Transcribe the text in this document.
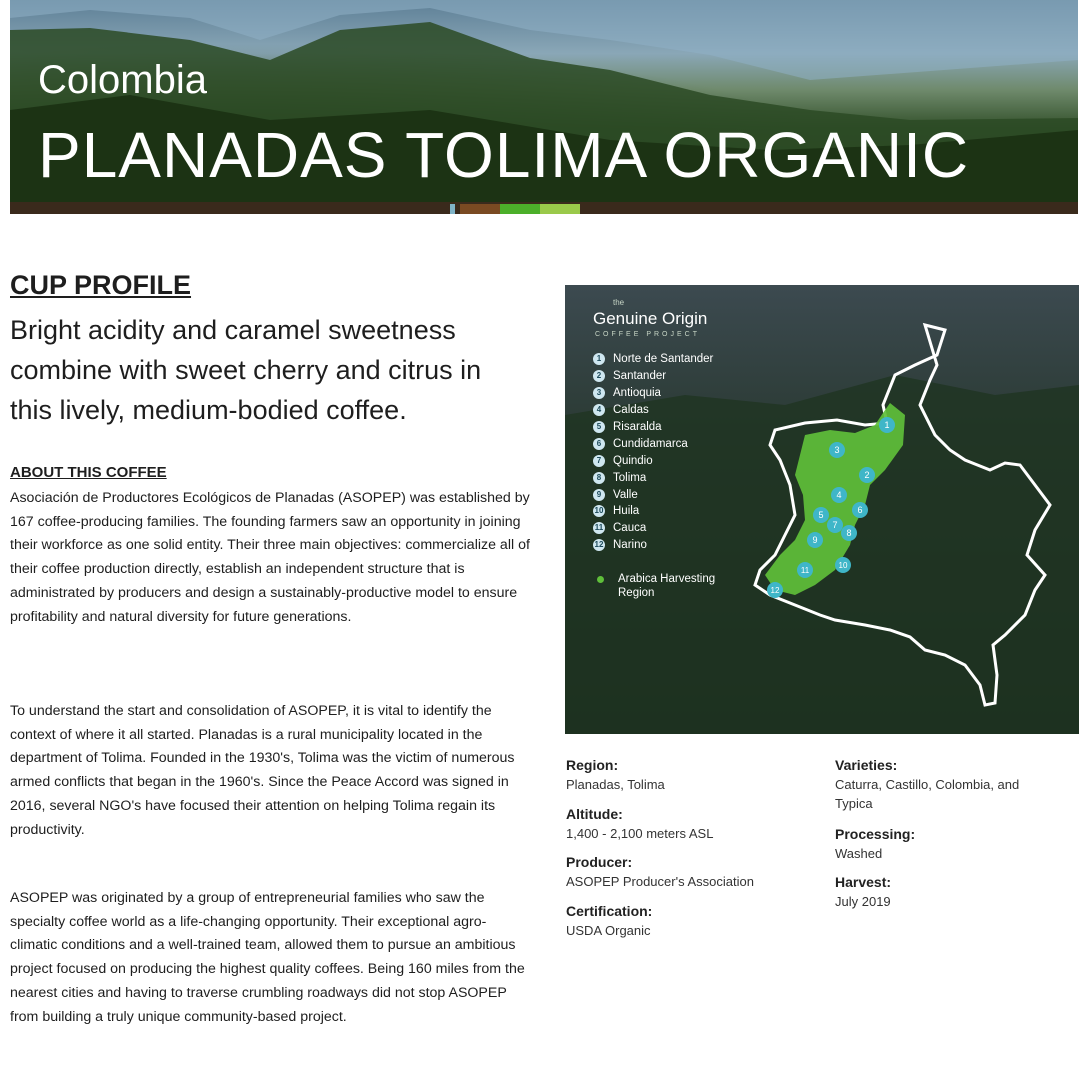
Colombia
PLANADAS TOLIMA ORGANIC
CUP PROFILE
Bright acidity and caramel sweetness combine with sweet cherry and citrus in this lively, medium-bodied coffee.
ABOUT THIS COFFEE
Asociación de Productores Ecológicos de Planadas (ASOPEP) was established by 167 coffee-producing families. The founding farmers saw an opportunity in joining their workforce as one solid entity. Their three main objectives: commercialize all of their coffee production directly, establish an independent structure that is administrated by producers and design a sustainably-productive model to ensure profitability and natural diversity for future generations.
To understand the start and consolidation of ASOPEP, it is vital to identify the context of where it all started. Planadas is a rural municipality located in the department of Tolima. Founded in the 1930's, Tolima was the victim of numerous armed conflicts that began in the 1960's. Since the Peace Accord was signed in 2016, several NGO's have focused their attention on helping Tolima regain its productivity.
ASOPEP was originated by a group of entrepreneurial families who saw the specialty coffee world as a life-changing opportunity. Their exceptional agro-climatic conditions and a well-trained team, allowed them to pursue an ambitious project focused on producing the highest quality coffees. Being 160 miles from the nearest cities and having to traverse crumbling roadways did not stop ASOPEP from building a truly unique community-based project.
1
2
3
4
5	6
7
8
9
10
11
12
the
Genuine Origin
COFFEE PROJECT
1	Norte de Santander
2	Santander
3	Antioquia
4	Caldas
5	Risaralda
6	Cundidamarca
7	Quindio
8	Tolima
9	Valle
10 Huila
11 Cauca
12 Narino
Arabica Harvesting Region
Region:
Planadas, Tolima
Altitude:
1,400 - 2,100 meters ASL
Producer:
ASOPEP Producer's Association
Certification:
USDA Organic
Varieties:
Caturra, Castillo, Colombia, and Typica
Processing:
Washed
Harvest:
July 2019
